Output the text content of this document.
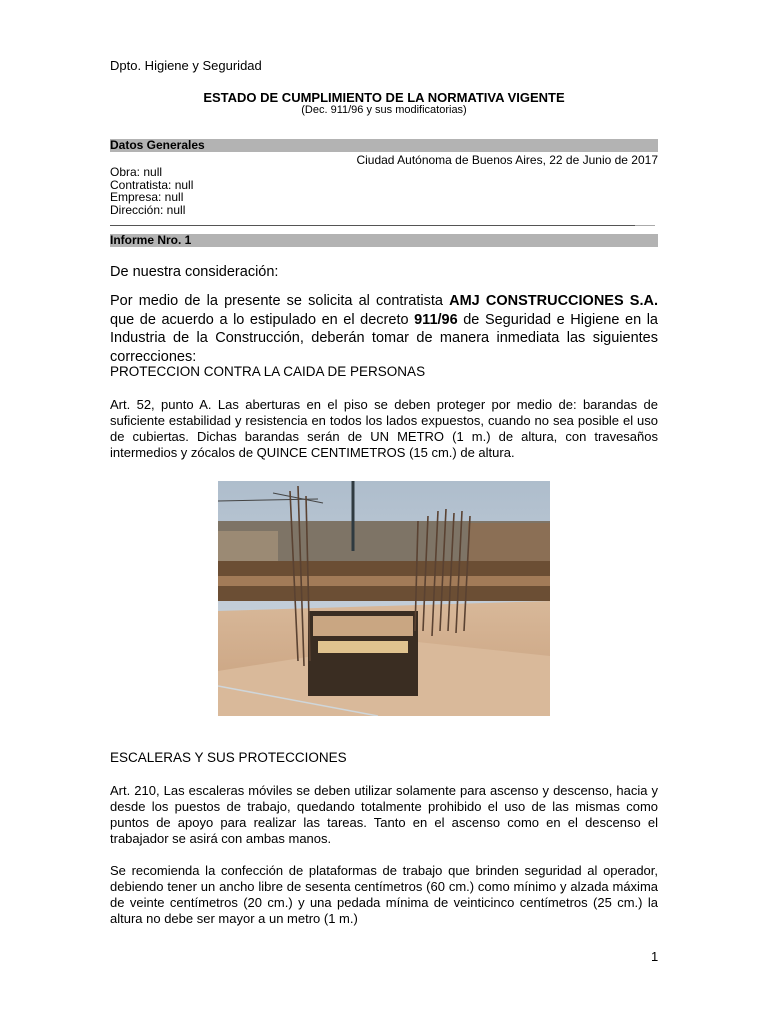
Dpto. Higiene y Seguridad
ESTADO DE CUMPLIMIENTO DE LA NORMATIVA VIGENTE
(Dec. 911/96 y sus modificatorias)
Datos Generales
Ciudad Autónoma de Buenos Aires, 22 de Junio de 2017
Obra: null
Contratista: null
Empresa: null
Dirección: null
Informe Nro. 1
De nuestra consideración:
Por medio de la presente se solicita al contratista AMJ CONSTRUCCIONES S.A. que de acuerdo a lo estipulado en el decreto 911/96 de Seguridad e Higiene en la Industria de la Construcción, deberán tomar de manera inmediata las siguientes correcciones:
PROTECCION CONTRA LA CAIDA DE PERSONAS
Art. 52, punto A. Las aberturas en el piso se deben proteger por medio de: barandas de suficiente estabilidad y resistencia en todos los lados expuestos, cuando no sea posible el uso de cubiertas. Dichas barandas serán de UN METRO (1 m.) de altura, con travesaños intermedios y zócalos de QUINCE CENTIMETROS (15 cm.) de altura.
ESCALERAS Y SUS PROTECCIONES
Art. 210, Las escaleras móviles se deben utilizar solamente para ascenso y descenso, hacia y desde los puestos de trabajo, quedando totalmente prohibido el uso de las mismas como puntos de apoyo para realizar las tareas. Tanto en el ascenso como en el descenso el trabajador se asirá con ambas manos.
Se recomienda la confección de plataformas de trabajo que brinden seguridad al operador, debiendo tener un ancho libre de sesenta centímetros (60 cm.) como mínimo y alzada máxima de veinte centímetros (20 cm.) y una pedada mínima de veinticinco centímetros (25 cm.) la altura no debe ser mayor a un metro (1 m.)
1
